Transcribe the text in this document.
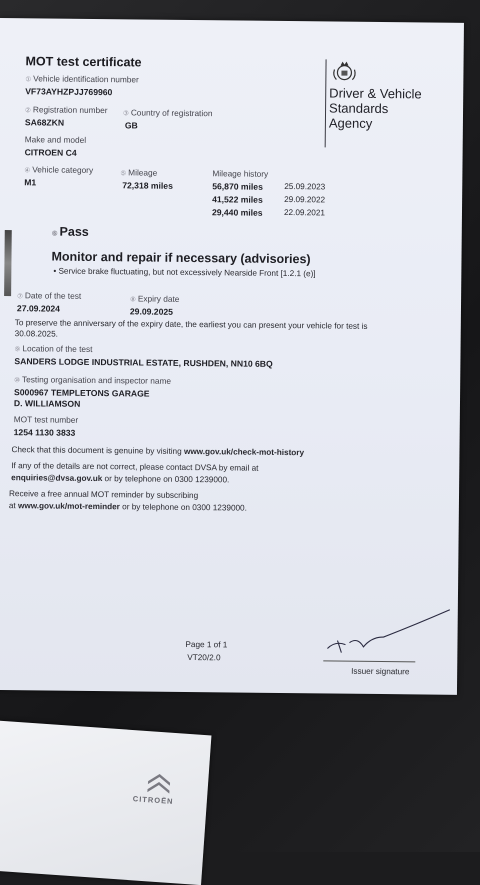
MOT test certificate
① Vehicle identification number
VF73AYHZPJJ769960
② Registration number
SA68ZKN
③ Country of registration
GB
Make and model
CITROEN C4
④ Vehicle category
M1
⑤ Mileage
72,318 miles
Mileage history
56,870 miles	25.09.2023
41,522 miles	29.09.2022
29,440 miles	22.09.2021
Driver & Vehicle
Standards
Agency
⑥ Pass
Monitor and repair if necessary (advisories)
• Service brake fluctuating, but not excessively Nearside Front [1.2.1 (e)]
⑦ Date of the test
27.09.2024
⑧ Expiry date
29.09.2025
To preserve the anniversary of the expiry date, the earliest you can present your vehicle for test is
30.08.2025.
⑨ Location of the test
SANDERS LODGE INDUSTRIAL ESTATE, RUSHDEN, NN10 6BQ
⑩ Testing organisation and inspector name
S000967 TEMPLETONS GARAGE
D. WILLIAMSON
MOT test number
1254 1130 3833
Check that this document is genuine by visiting www.gov.uk/check-mot-history
If any of the details are not correct, please contact DVSA by email at
enquiries@dvsa.gov.uk or by telephone on 0300 1239000.
Receive a free annual MOT reminder by subscribing
at www.gov.uk/mot-reminder or by telephone on 0300 1239000.
Page 1 of 1
VT20/2.0
Issuer signature
CITROËN
